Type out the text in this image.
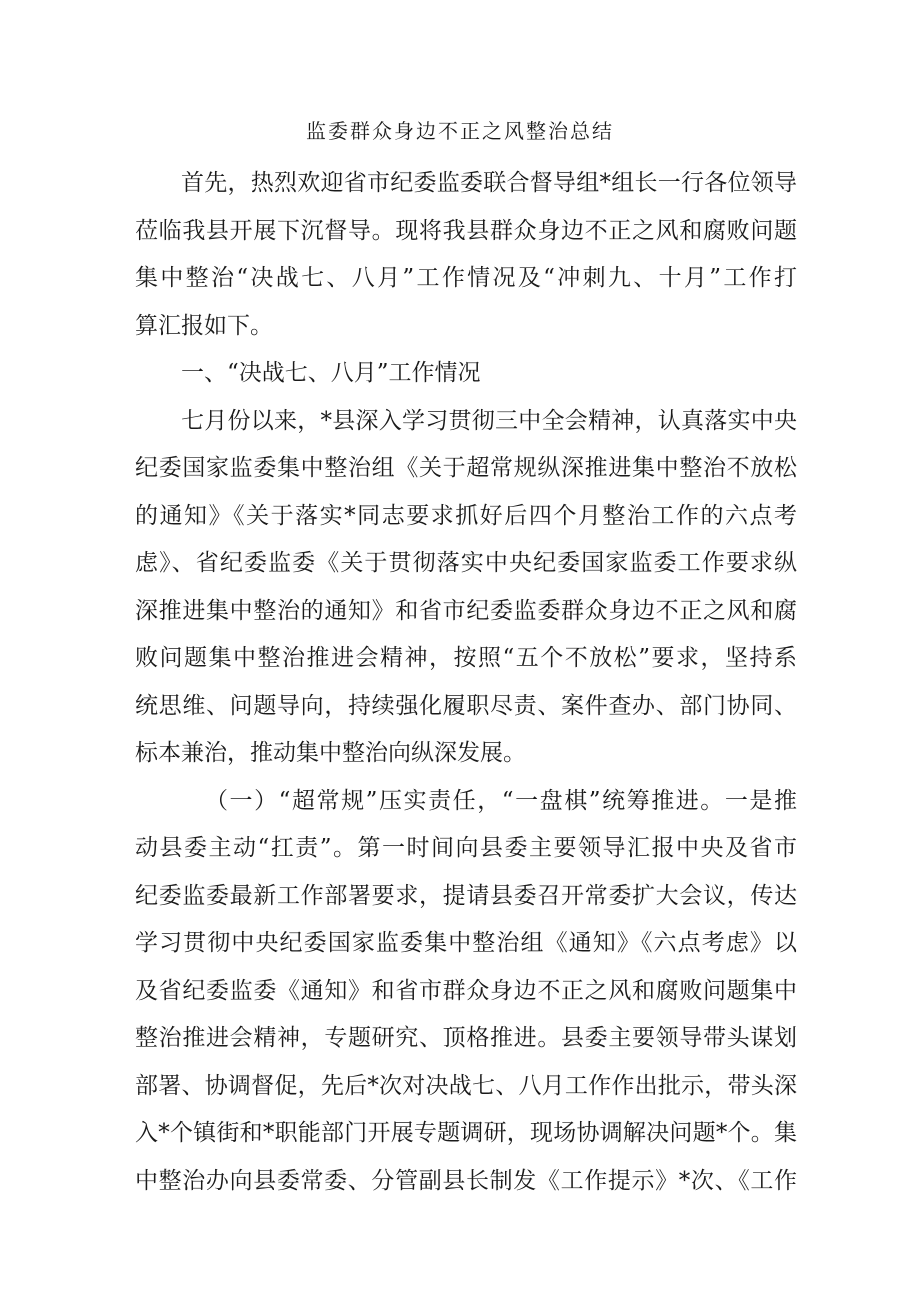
监委群众身边不正之风整治总结
首先，热烈欢迎省市纪委监委联合督导组*组长一行各位领导
莅临我县开展下沉督导。现将我县群众身边不正之风和腐败问题
集中整治“决战七、八月”工作情况及“冲刺九、十月”工作打
算汇报如下。
一、“决战七、八月”工作情况
七月份以来，*县深入学习贯彻三中全会精神，认真落实中央
纪委国家监委集中整治组《关于超常规纵深推进集中整治不放松
的通知》《关于落实*同志要求抓好后四个月整治工作的六点考
虑》、省纪委监委《关于贯彻落实中央纪委国家监委工作要求纵
深推进集中整治的通知》和省市纪委监委群众身边不正之风和腐
败问题集中整治推进会精神，按照“五个不放松”要求，坚持系
统思维、问题导向，持续强化履职尽责、案件查办、部门协同、
标本兼治，推动集中整治向纵深发展。
（一）“超常规”压实责任，“一盘棋”统筹推进。一是推
动县委主动“扛责”。第一时间向县委主要领导汇报中央及省市
纪委监委最新工作部署要求，提请县委召开常委扩大会议，传达
学习贯彻中央纪委国家监委集中整治组《通知》《六点考虑》以
及省纪委监委《通知》和省市群众身边不正之风和腐败问题集中
整治推进会精神，专题研究、顶格推进。县委主要领导带头谋划
部署、协调督促，先后*次对决战七、八月工作作出批示，带头深
入*个镇街和*职能部门开展专题调研，现场协调解决问题*个。集
中整治办向县委常委、分管副县长制发《工作提示》*次、《工作
